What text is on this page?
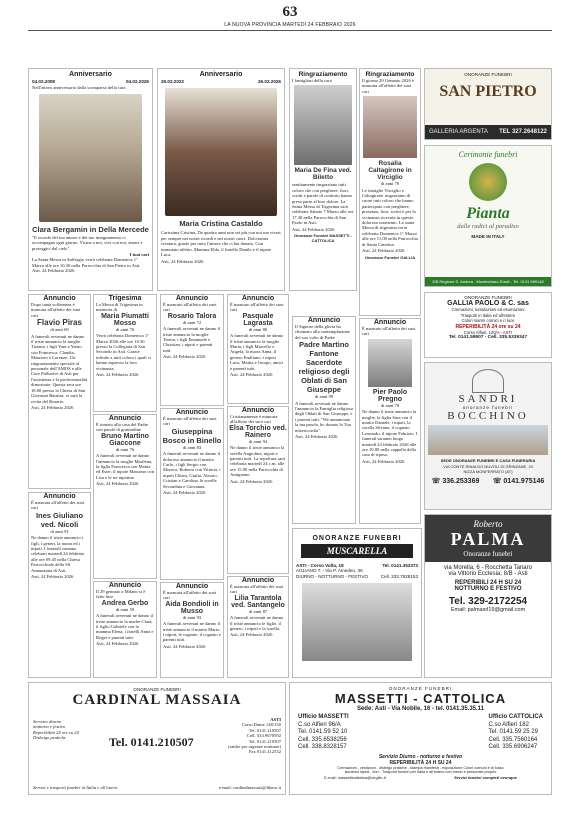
63
LA NUOVA PROVINCIA MARTEDÌ 24 FEBBRAIO 2026
Anniversario
04.02.2008	04.02.2026
Nell'ottavo anniversario dalla scomparsa della cara
Clara Bergamin in Della Mercede
"Il ricordo del tuo amore e dei tuo insegnamento ci accompagna ogni giorno. Vicina a noi, vivi con noi, amaci e proteggici dal cielo".
I tuoi cari
La Santa Messa in Suffragio verrà celebrata Domenica 1° Marzo alle ore 10,30 nella Parrocchia di San Pietro in Asti.
Asti, 24 Febbraio 2026
Anniversario
26.02.2022	26.02.2026
Maria Cristina Castaldo
Carissima Cristina, Da quattro anni non sei più con noi ma vivrai per sempre nei nostri ricordi e nei nostri cuori. Dolcissima creatura, grazie per tutto l'amore che ci hai donato. Con immutato affetto, Mamma Elda, il fratello Danilo e il nipote Luca.
Asti, 24 Febbraio 2026
Ringraziamento
I famigliari della cara
Maria De Fina ved. Biletto
sentitamente ringraziano tutti coloro che con preghiere, fiori, scritti e parole di conforto hanno preso parte al loro dolore. La Santa Messa di Trigesima sarà celebrata Sabato 7 Marzo alle ore 17,30 nella Parrocchia di San Paolo in Asti.
Asti, 24 Febbraio 2026
Onoranze Funebri MASSETTI - CATTOLICA
Ringraziamento
Il giorno 29 Gennaio 2026 è mancata all'affetto dei suoi cari
Rosalia Caltagirone in Virciglio
di anni 70
Le famiglie Virciglio e Caltagirone ringraziano di cuore tutti coloro che hanno partecipato con preghiere, presenza, fiori, scritti e per la vicinanza ricevuta in questo doloroso momento. La santa Messa di trigesima verrà celebrata Domenica 1° Marzo alle ore 11,00 nella Parrocchia di Santa Caterina.
Asti, 24 Febbraio 2026
Onoranze Funebri GALLIA
Annuncio
Dopo tanta sofferenza è mancata all'affetto dei suoi cari
Flavio Piras
di anni 69
A funerali avvenuti ne danno il triste annuncio la moglie Tiziana, i figli Yara e Yarno con Francesca, Claudia, Maurizio e Lorenzo. Un ringraziamento speciale al personale dell'AMOS e alle Cure Palliative di Asti per l'assistenza e la professionalità dimostrate. Questa sera ore 18.00 presso la Chiesa di San Giovanni Battista, vi sarà la recita del Rosario.
Asti, 24 Febbraio 2026
Annuncio
È mancata all'affetto dei suoi cari
Ines Giuliano ved. Nicoli
di anni 91
Ne danno il triste annuncio i figli, i generi, la nuora ed i nipoti. I funerali saranno celebrati martedì 24 febbraio alle ore 09.45 nella Chiesa Parrocchiale della SS. Annunziata di Asti.
Asti, 24 Febbraio 2026
Trigesima
La Messa di Trigesima in memoria di
Maria Piumatti Mosso
di anni 76
Verrà celebrata Domenica 1° Marzo 2026 alle ore 10.30 presso la Collegiata di San Secondo in Asti. Grazie infinite a tutti coloro i quali ci hanno espresso la loro vicinanza.
Asti, 24 Febbraio 2026
Annuncio
È tornato alla casa del Padre con parole di gratitudine
Bruno Martino Giaccone
di anni 76
A funerali avvenuti ne danno l'annuncio la moglie Marilena, la figlia Francesca con Mattia ed Ester, il nipote Massimo con Lisa e le tre nipotine.
Asti, 24 Febbraio 2026
Annuncio
Il 29 gennaio a Milano si è fatto luce
Andrea Gerbo
di anni 59
A funerali avvenuti ne danno il triste annuncio la madre Clara, il figlio Gabriele con la mamma Elena, i fratelli Anna e Roger e parenti tutti.
Asti, 24 Febbraio 2026
Annuncio
È mancato all'affetto dei suoi cari
Rosario Talora
di anni 72
A funerali avvenuti ne danno il triste annuncio la moglie Teresa, i figli Emanuele e Christian, i nipoti e parenti tutti.
Asti, 24 Febbraio 2026
Annuncio
È mancato all'affetto dei suoi cari
Giuseppina Bosco in Binello
di anni 83
A funerali avvenuti ne danno il doloroso annuncio il marito Carlo, i figli Sergio con Monica, Roberto con Vittoria, i nipoti Chiara, Giulia, Alessio, Cristian e Carolina, le sorelle Secondina e Giovanna.
Asti, 24 Febbraio 2026
Annuncio
È mancata all'affetto dei suoi cari
Aida Bondioli in Musso
di anni 93
A funerali avvenuti ne danno il triste annuncio il marito Mario, i nipoti, le cognate, il cognato e parenti tutti.
Asti, 24 Febbraio 2026
Annuncio
È mancato all'affetto dei suoi cari
Pasquale Lagrasta
di anni 80
A funerali avvenuti ne danno il triste annuncio la moglie Maria, i figli Marcello e Angela, la nuora Anna, il genero Emiliano, i nipoti Luca, Mattia e Jacopo, amici e parenti tutti.
Asti, 24 Febbraio 2026
Annuncio
Cristianamente è mancata all'affetto dei suoi cari
Elsa Torchio ved. Rainero
di anni 94
Ne danno il triste annuncio la sorella Angiolina, nipoti e parenti tutti. La sepoltura sarà celebrata martedì 24 c.m. alle ore 15.00 nella Parrocchia di Antignano.
Asti, 24 Febbraio 2026
Annuncio
È mancata all'affetto dei suoi cari
Lilia Tarantola ved. Santangelo
di anni 87
A funerali avvenuti ne danno il triste annuncio le figlie, il genero, i nipoti e la sorella.
Asti, 24 Febbraio 2026
Annuncio
Il Signore della gloria ha chiamato alla contemplazione del suo volto di Padre
Padre Martino Fantone Sacerdote religioso degli Oblati di San Giuseppe
di anni 99
A funerali avvenuti ne danno l'annuncio la Famiglia religiosa degli Oblati di San Giuseppe, e i parenti tutti. "We annunciato la tua parola, ho donato la Tua misericordia".
Asti, 24 Febbraio 2026
Annuncio
È mancato all'affetto dei suoi cari
Pier Paolo Pregno
di anni 70
Ne danno il triste annuncio la moglie, la figlia Sara con il marito Daniele, i nipoti, la sorella Silvana, il cognato Leonardo, il nipote Fabrizio. I funerali saranno luogo martedì 24 febbraio 2026 alle ore 10,00 nella cappella della casa di riposo.
Asti, 24 Febbraio 2026
ONORANZE FUNEBRI
MUSCARELLA
ASTI - Corso Volta, 18	Tel. 0141.353373
AGLIANO T. - Via P. Amedeo, 36
DIURNO - NOTTURNO - FESTIVO	Cell. 333.7828153
ONORANZE FUNEBRI
SAN PIETRO
GALLERIA ARGENTA TEL 327.2648122
Cerimonie funebri
Pianta
dalle radici al paradiso
MADE IN ITALY
3/B Regione S. Andrea - Montechiaro D'asti - Tel. 0141 999148
ONORANZE FUNEBRI
GALLIA PAOLO & C. sas
Cremazioni, tumulazioni ed esumazioni
Trasporti in Italia ed all'estero
Colori marmi cornici e ri luce
REPERIBILITÀ 24 ore su 24
Corso Alfieri, 120/A - ASTI
Tel. 0141.59907 - Cell. 335.5339347
SANDRI
onoranze funebri
BOCCHINO
SEDE ONORANZE FUNEBRI E CASA FUNERARIA
VIA CONTE RINALDO NUVOLI DI GRINZANE, 24
NIZZA MONFERRATO (AT)
☏ 336.253369 ☏ 0141.975146
Roberto
PALMA
Onoranze funebri
via Morella, 6 - Rocchetta Tanaro
via Vittorio Ecclesia, 8/B - Asti
REPERIBILI 24 H SU 24
NOTTURNO E FESTIVO
Tel. 329-2172254
Email: palmasrl19@gmail.com
ONORANZE FUNEBRI
CARDINAL MASSAIA
Servizio diurno
notturno e festivo
Reperibilità 24 ore su 24
Disbrigo pratiche	Tel. 0141.210507
ASTI
Corso Dante 148/150
Tel. 0141.210507
Cell. 333.9670592
Tel. 0141.210507
(anche per urgenze notturne)
Fax 0141.412532
Servizi e trasporti funebri in Italia e all'estero	e-mail: cardinalmassaia@libero.it
ONORANZE FUNEBRI
MASSETTI - CATTOLICA
Sede: Asti - Via Nobile, 16 - tel. 0141.35.35.11
Ufficio MASSETTI
C.so Alfieri 96/A
Tel. 0141.59 52 10
Cell. 335.6538256
Cell. 338.8328157
Ufficio CATTOLICA
C.so Alfieri 182
Tel. 0141.59 25 29
Cell. 335.7560164
Cell. 335.6906247
Servizio Diurno - notturno e festivo
REPERIBILITÀ 24 H SU 24
Cremazioni - vestizioni - disbrigo pratiche - stampa manifesti - esposizione Colori comuni e di lusso
iscrizioni lapidi - fiori - Trasporti funebri per Italia e all'estero con mezzi e personale proprio
E-mail: massetticattolica@virgilio.it	Servizi funebri completi ovunque
